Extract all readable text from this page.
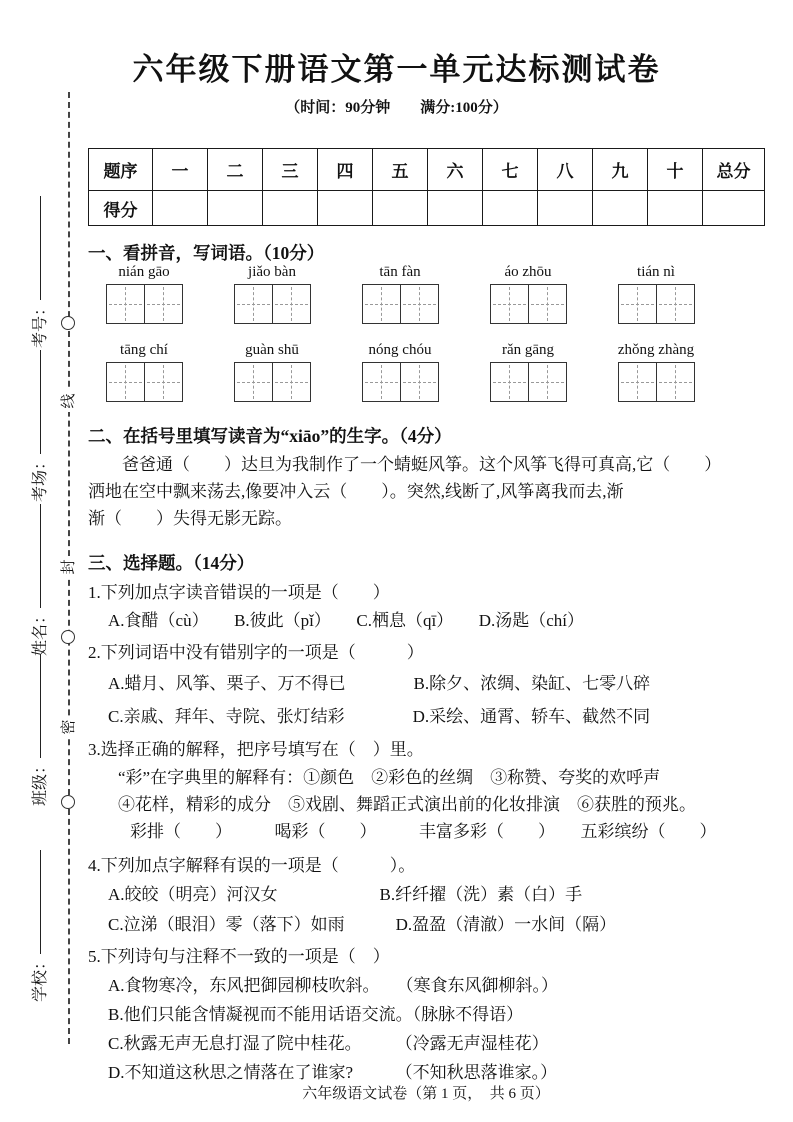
线
封
密
考号：
考场：
姓名：
班级：
学校：
六年级下册语文第一单元达标测试卷
（时间：90分钟　　满分:100分）
题序	一	二	三	四	五	六	七	八	九	十	总分
得分											
一、看拼音，写词语。（10分）
nián gāo	jiǎo bàn	tān fàn	áo zhōu	tián nì
tāng chí	guàn shū	nóng chóu	rǎn gāng	zhǒng zhàng
二、在括号里填写读音为“xiāo”的生字。（4分）
爸爸通（　　）达旦为我制作了一个蜻蜓风筝。这个风筝飞得可真高,它（　　）
洒地在空中飘来荡去,像要冲入云（　　）。突然,线断了,风筝离我而去,渐
渐（　　）失得无影无踪。
三、选择题。（14分）
1.下列加点字读音错误的一项是（　　）
A.食醋（cù）　　B.彼此（pǐ）　　C.栖息（qī）　　D.汤匙（chí）
2.下列词语中没有错别字的一项是（　　　）
A.蜡月、风筝、栗子、万不得已　　　　B.除夕、浓绸、染缸、七零八碎
C.亲戚、拜年、寺院、张灯结彩　　　　D.采绘、通霄、轿车、截然不同
3.选择正确的解释，把序号填写在（　）里。
“彩”在字典里的解释有：①颜色　②彩色的丝绸　③称赞、夸奖的欢呼声
④花样，精彩的成分　⑤戏剧、舞蹈正式演出前的化妆排演　⑥获胜的预兆。
彩排（　　）　　　喝彩（　　）　　　丰富多彩（　　）　　五彩缤纷（　　）
4.下列加点字解释有误的一项是（　　　）。
A.皎皎（明亮）河汉女　　　　　　B.纤纤擢（洗）素（白）手
C.泣涕（眼泪）零（落下）如雨　　　D.盈盈（清澈）一水间（隔）
5.下列诗句与注释不一致的一项是（　）
A.食物寒冷，东风把御园柳枝吹斜。　　（寒食东风御柳斜。）
B.他们只能含情凝视而不能用话语交流。（脉脉不得语）
C.秋露无声无息打湿了院中桂花。　　　（冷露无声湿桂花）
D.不知道这秋思之情落在了谁家?　　　（不知秋思落谁家。）
六年级语文试卷（第 1 页，　共 6 页）
